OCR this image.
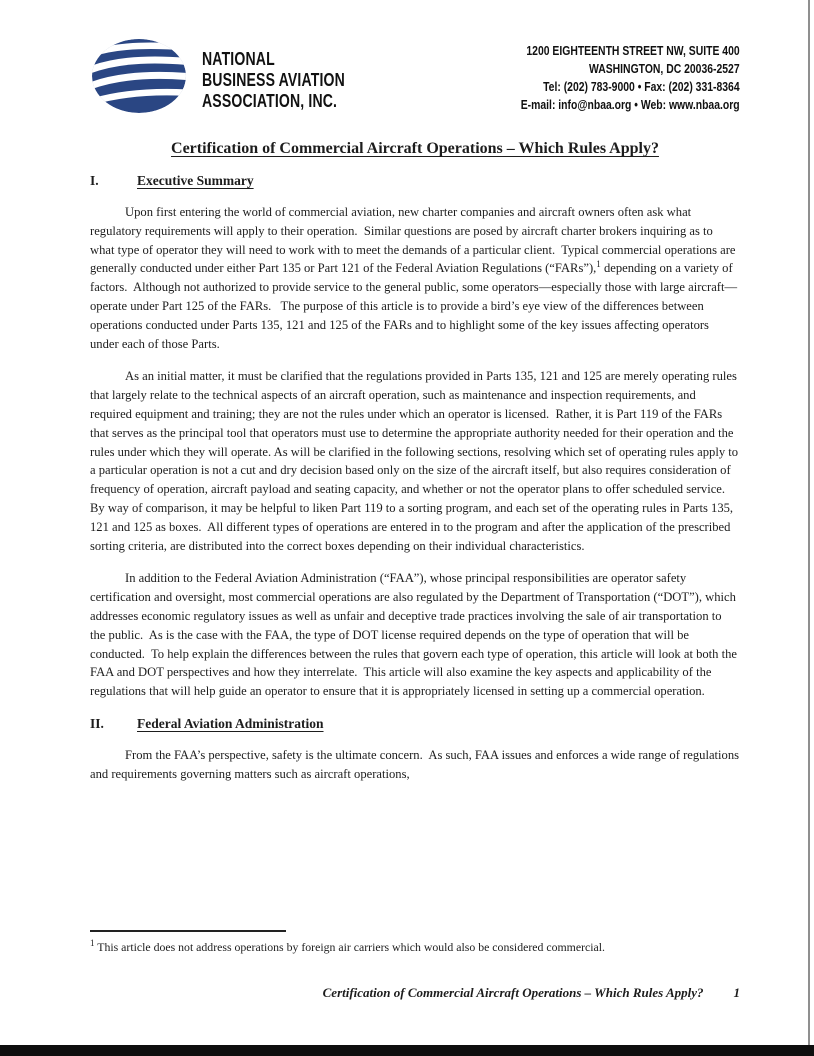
NATIONAL
BUSINESS AVIATION
ASSOCIATION, INC.
1200 EIGHTEENTH STREET NW, SUITE 400
WASHINGTON, DC 20036-2527
Tel: (202) 783-9000 • Fax: (202) 331-8364
E-mail: info@nbaa.org • Web: www.nbaa.org
Certification of Commercial Aircraft Operations – Which Rules Apply?
I.	Executive Summary

Upon first entering the world of commercial aviation, new charter companies and aircraft owners often ask what regulatory requirements will apply to their operation.  Similar questions are posed by aircraft charter brokers inquiring as to what type of operator they will need to work with to meet the demands of a particular client.  Typical commercial operations are generally conducted under either Part 135 or Part 121 of the Federal Aviation Regulations (“FARs”),$^1$ depending on a variety of factors.  Although not authorized to provide service to the general public, some operators—especially those with large aircraft—operate under Part 125 of the FARs.   The purpose of this article is to provide a bird’s eye view of the differences between operations conducted under Parts 135, 121 and 125 of the FARs and to highlight some of the key issues affecting operators under each of those Parts.

As an initial matter, it must be clarified that the regulations provided in Parts 135, 121 and 125 are merely operating rules that largely relate to the technical aspects of an aircraft operation, such as maintenance and inspection requirements, and required equipment and training; they are not the rules under which an operator is licensed.  Rather, it is Part 119 of the FARs that serves as the principal tool that operators must use to determine the appropriate authority needed for their operation and the rules under which they will operate. As will be clarified in the following sections, resolving which set of operating rules apply to a particular operation is not a cut and dry decision based only on the size of the aircraft itself, but also requires consideration of frequency of operation, aircraft payload and seating capacity, and whether or not the operator plans to offer scheduled service.   By way of comparison, it may be helpful to liken Part 119 to a sorting program, and each set of the operating rules in Parts 135, 121 and 125 as boxes.  All different types of operations are entered in to the program and after the application of the prescribed sorting criteria, are distributed into the correct boxes depending on their individual characteristics.

In addition to the Federal Aviation Administration (“FAA”), whose principal responsibilities are operator safety certification and oversight, most commercial operations are also regulated by the Department of Transportation (“DOT”), which addresses economic regulatory issues as well as unfair and deceptive trade practices involving the sale of air transportation to the public.  As is the case with the FAA, the type of DOT license required depends on the type of operation that will be conducted.  To help explain the differences between the rules that govern each type of operation, this article will look at both the FAA and DOT perspectives and how they interrelate.  This article will also examine the key aspects and applicability of the regulations that will help guide an operator to ensure that it is appropriately licensed in setting up a commercial operation.

II. Federal Aviation Administration

From the FAA’s perspective, safety is the ultimate concern.  As such, FAA issues and enforces a wide range of regulations and requirements governing matters such as aircraft operations,

$^1$ This article does not address operations by foreign air carriers which would also be considered commercial.
Certification of Commercial Aircraft Operations – Which Rules Apply? 1
